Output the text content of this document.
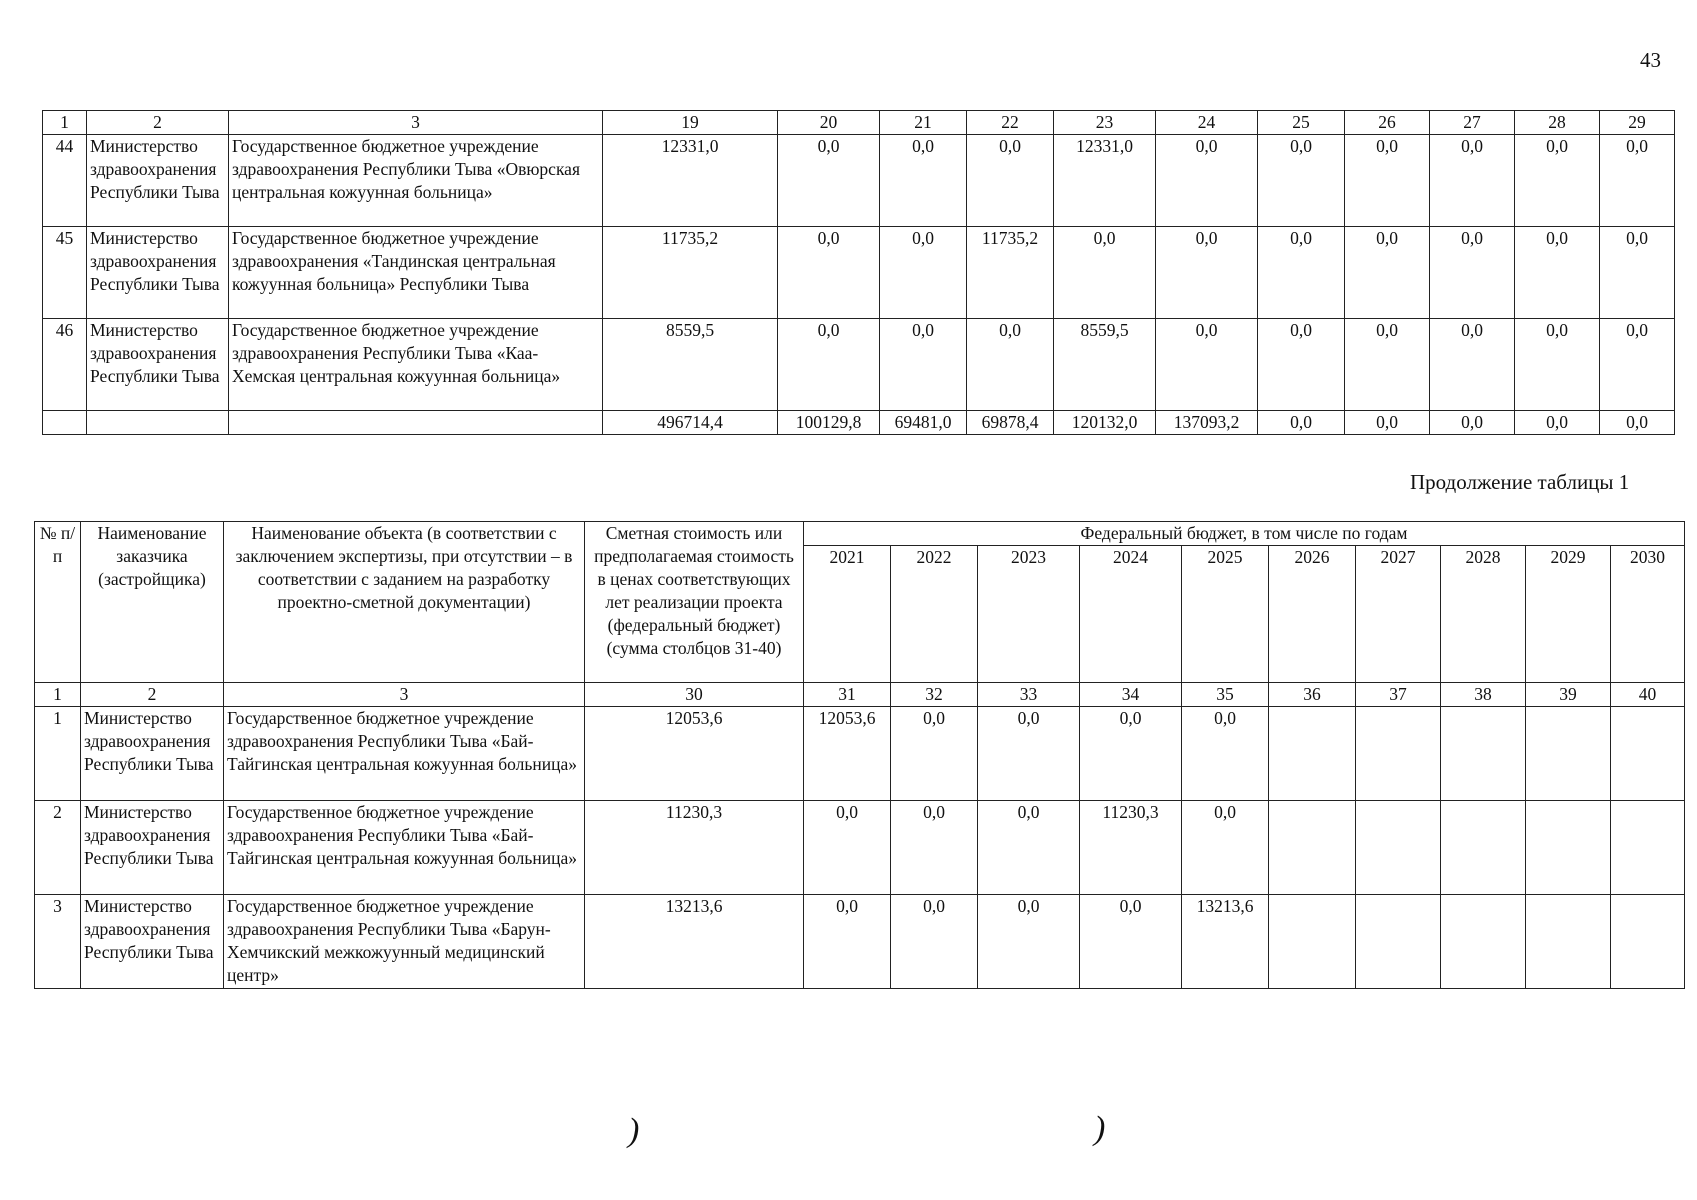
43
1	2	3	19	20	21	22	23	24	25	26	27	28	29
44	Министерство здравоохранения Республики Тыва	Государственное бюджетное учреждение здравоохранения Республики Тыва «Овюрская центральная кожуунная больница»	12331,0	0,0	0,0	0,0	12331,0	0,0	0,0	0,0	0,0	0,0	0,0
45	Министерство здравоохранения Республики Тыва	Государственное бюджетное учреждение здравоохранения «Тандинская центральная кожуунная больница» Республики Тыва	11735,2	0,0	0,0	11735,2	0,0	0,0	0,0	0,0	0,0	0,0	0,0
46	Министерство здравоохранения Республики Тыва	Государственное бюджетное учреждение здравоохранения Республики Тыва «Каа-Хемская центральная кожуунная больница»	8559,5	0,0	0,0	0,0	8559,5	0,0	0,0	0,0	0,0	0,0	0,0
			496714,4	100129,8	69481,0	69878,4	120132,0	137093,2	0,0	0,0	0,0	0,0	0,0
Продолжение таблицы 1
№ п/п	Наименование заказчика (застройщика)	Наименование объекта (в соответствии с заключением экспертизы, при отсутствии – в соответствии с заданием на разработку проектно-сметной документации)	Сметная стоимость или предполагаемая стоимость в ценах соответствующих лет реализации проекта (федеральный бюджет) (сумма столбцов 31-40)	Федеральный бюджет, в том числе по годам									
				2021	2022	2023	2024	2025	2026	2027	2028	2029	2030
1	2	3	30	31	32	33	34	35	36	37	38	39	40
1	Министерство здравоохранения Республики Тыва	Государственное бюджетное учреждение здравоохранения Республики Тыва «Бай-Тайгинская центральная кожуунная больница»	12053,6	12053,6	0,0	0,0	0,0	0,0					
2	Министерство здравоохранения Республики Тыва	Государственное бюджетное учреждение здравоохранения Республики Тыва «Бай-Тайгинская центральная кожуунная больница»	11230,3	0,0	0,0	0,0	11230,3	0,0					
3	Министерство здравоохранения Республики Тыва	Государственное бюджетное учреждение здравоохранения Республики Тыва «Барун-Хемчикский межкожуунный медицинский центр»	13213,6	0,0	0,0	0,0	0,0	13213,6					
)	)
